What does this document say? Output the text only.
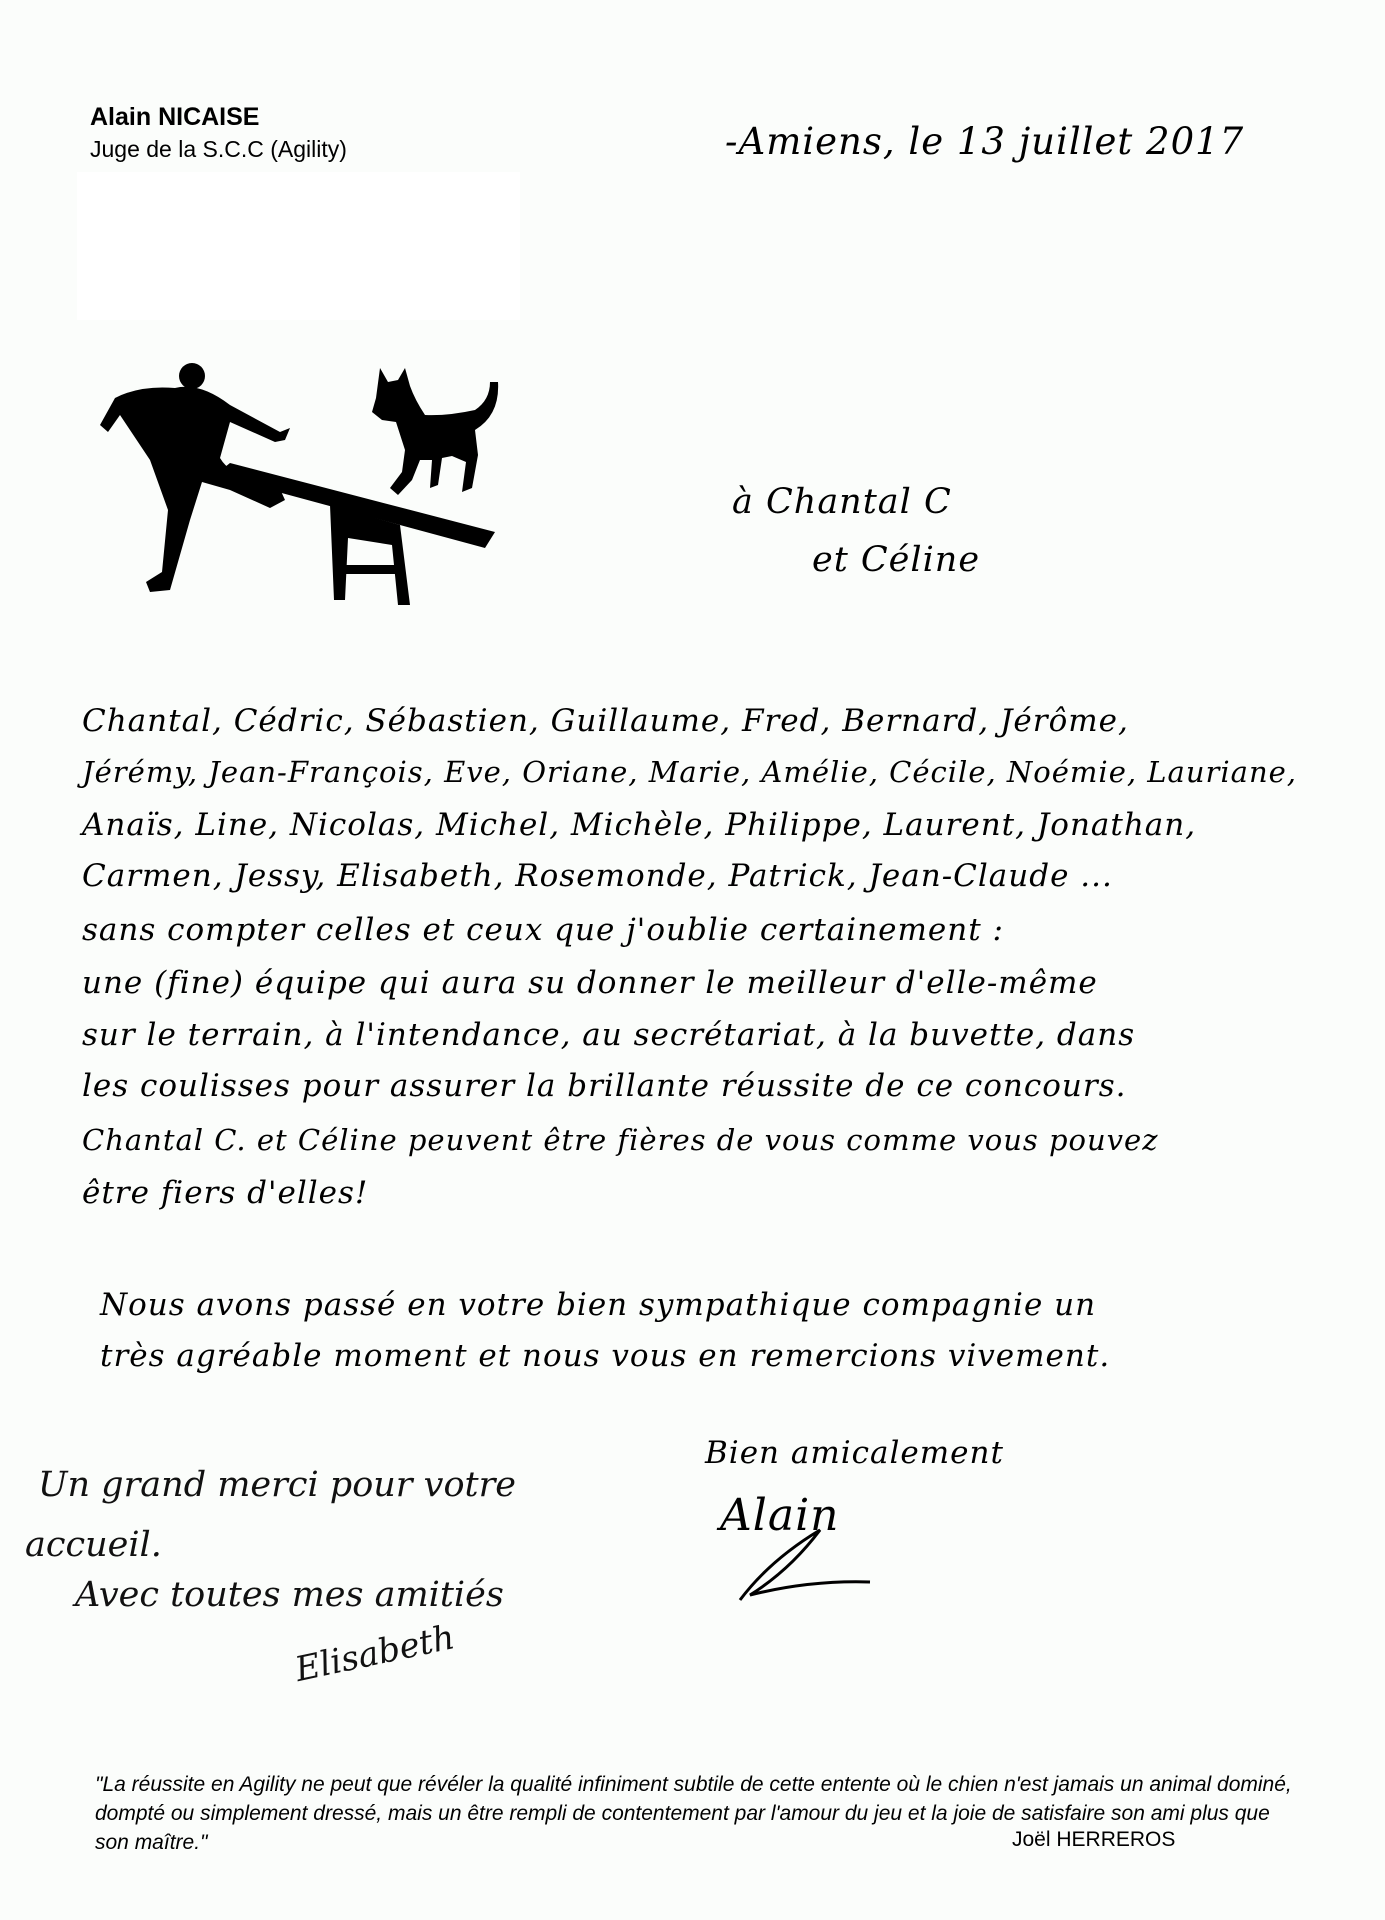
Alain NICAISE
Juge de la S.C.C (Agility)	-Amiens, le 13 juillet 2017
à Chantal C
et Céline
Chantal, Cédric, Sébastien, Guillaume, Fred, Bernard, Jérôme,
Jérémy, Jean-François, Eve, Oriane, Marie, Amélie, Cécile, Noémie, Lauriane,
Anaïs, Line, Nicolas, Michel, Michèle, Philippe, Laurent, Jonathan,
Carmen, Jessy, Elisabeth, Rosemonde, Patrick, Jean-Claude ...
sans compter celles et ceux que j'oublie certainement :
une (fine) équipe qui aura su donner le meilleur d'elle-même
sur le terrain, à l'intendance, au secrétariat, à la buvette, dans
les coulisses pour assurer la brillante réussite de ce concours.
Chantal C. et Céline peuvent être fières de vous comme vous pouvez
être fiers d'elles!
Nous avons passé en votre bien sympathique compagnie un
très agréable moment et nous vous en remercions vivement.
Bien amicalement
Alain
Un grand merci pour votre
accueil.
Avec toutes mes amitiés
Elisabeth
"La réussite en Agility ne peut que révéler la qualité infiniment subtile de cette entente où le chien n'est jamais un animal dominé, dompté ou simplement dressé, mais un être rempli de contentement par l'amour du jeu et la joie de satisfaire son ami plus que son maître."	Joël HERREROS
